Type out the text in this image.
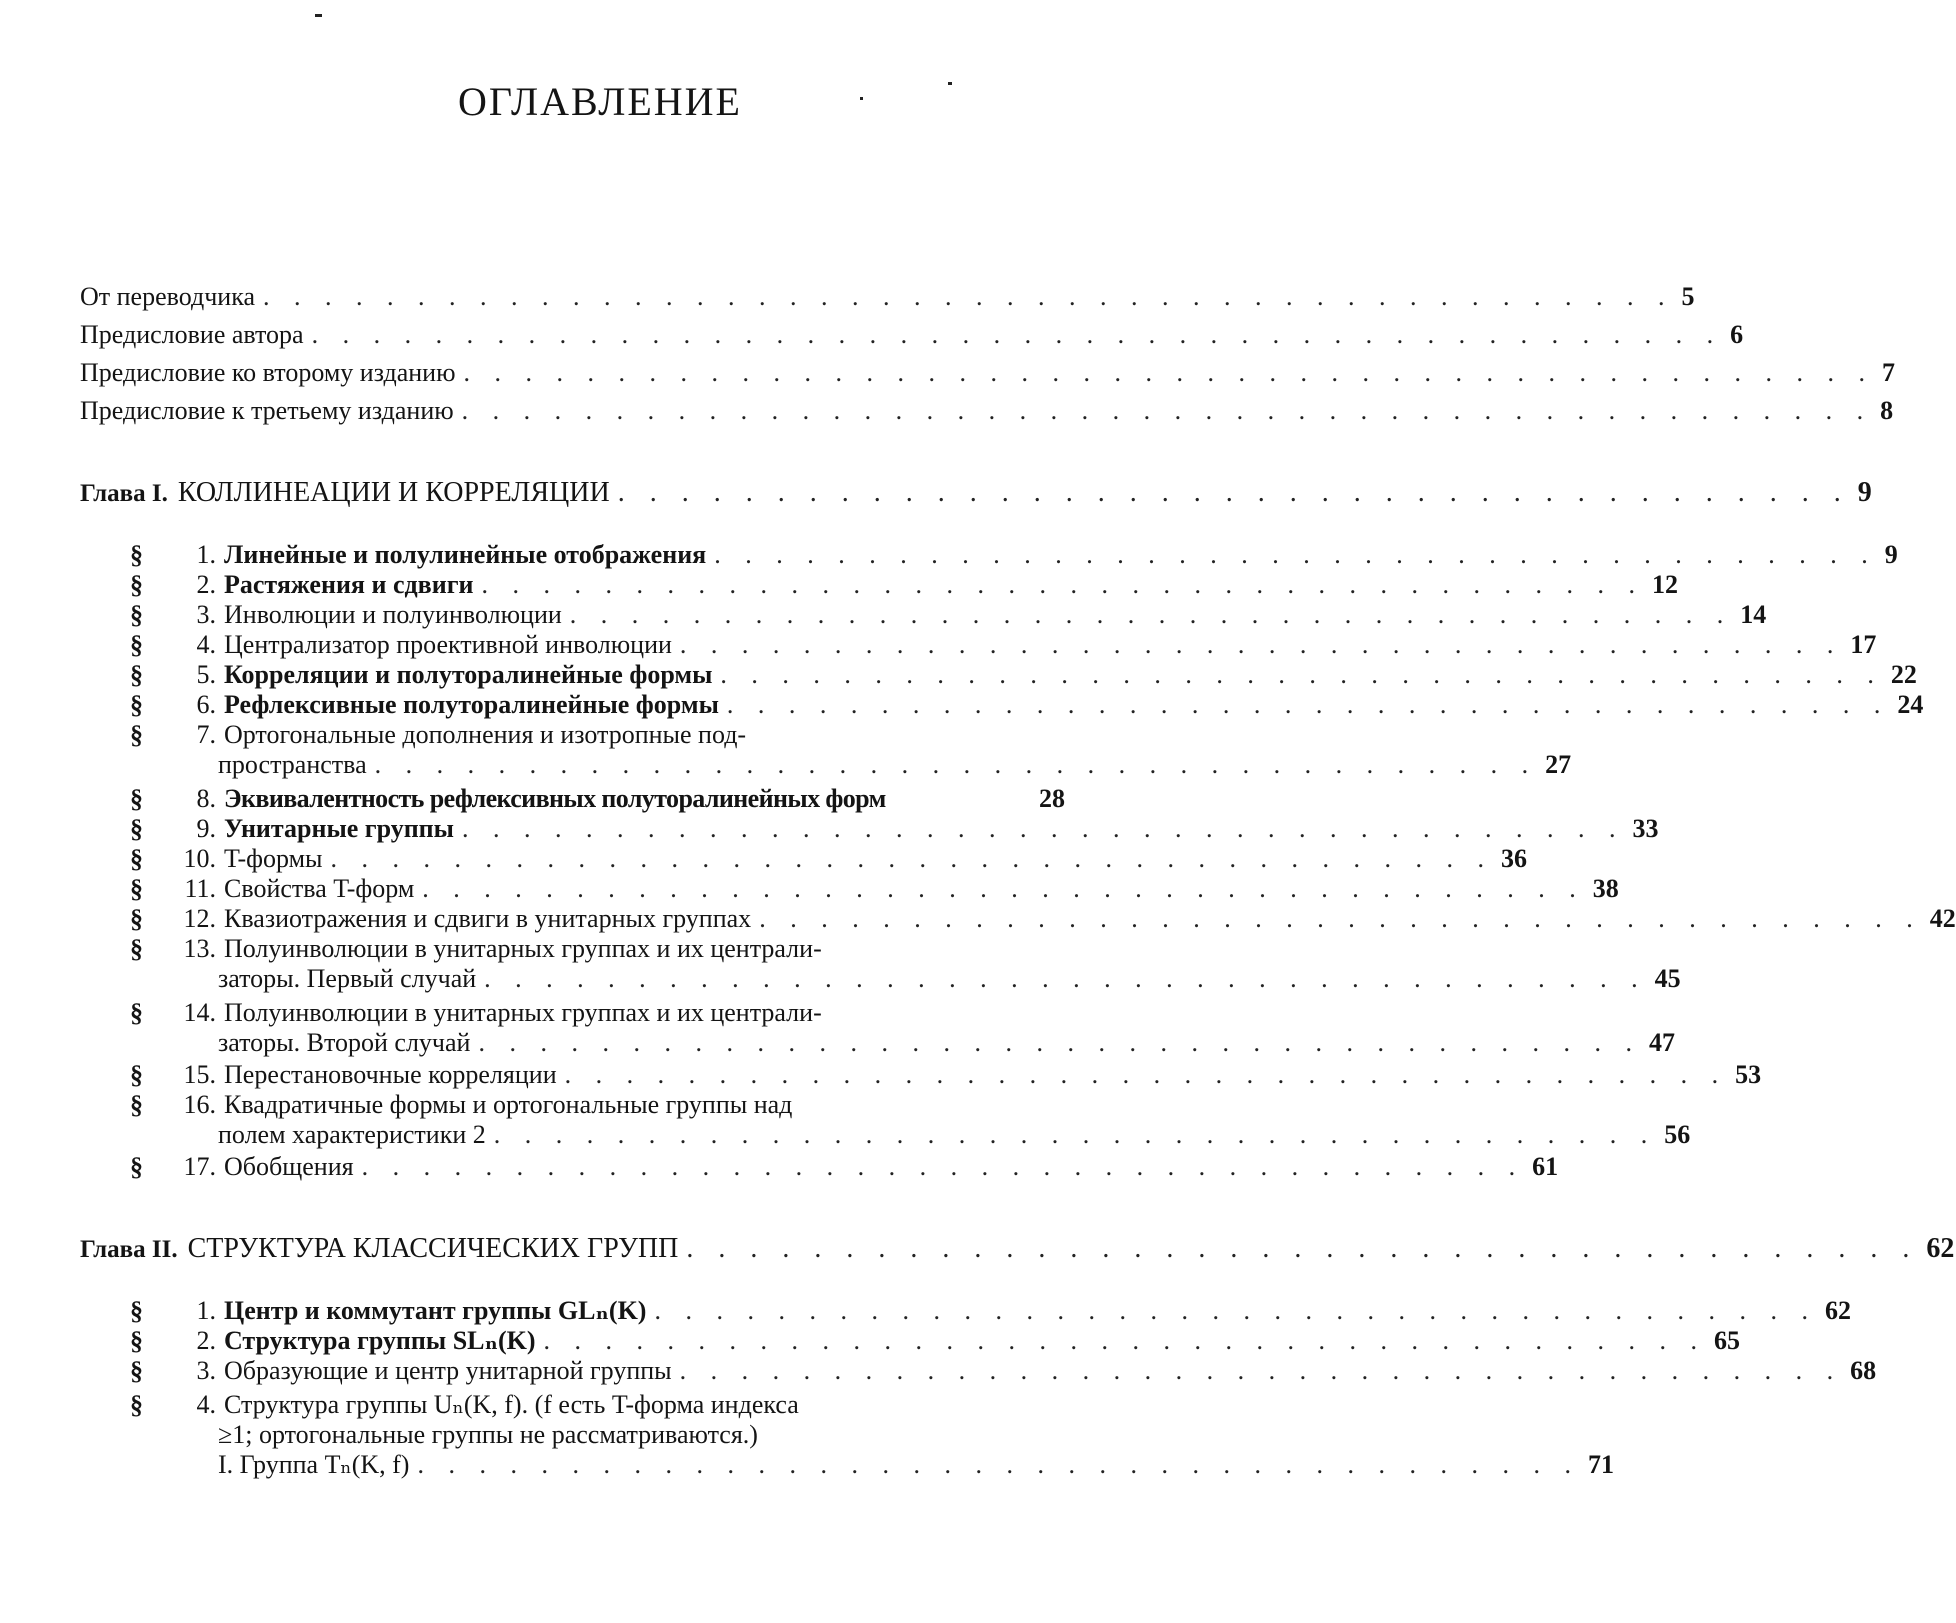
ОГЛАВЛЕНИЕ
От переводчика . . . . . . . . . . . . . . . . . . . . . . . . . . . . . . . . . . . . . . . . . . . . . . 5
Предисловие автора . . . . . . . . . . . . . . . . . . . . . . . . . . . . . . . . . . . . . . . . . . . . . . 6
Предисловие ко второму изданию . . . . . . . . . . . . . . . . . . . . . . . . . . . . . . . . . . . . . . . . . . . . . . 7
Предисловие к третьему изданию . . . . . . . . . . . . . . . . . . . . . . . . . . . . . . . . . . . . . . . . . . . . . . 8
Глава I. КОЛЛИНЕАЦИИ И КОРРЕЛЯЦИИ . . . . . . . . . . . . . . . . . . . . . . . . . . . . . . . . . . . . . . . 9
§ 1. Линейные и полулинейные отображения . . . . . . . . . . . . . . . . . . . . . . . . . . . . . . . . . . . . . . 9
§ 2. Растяжения и сдвиги . . . . . . . . . . . . . . . . . . . . . . . . . . . . . . . . . . . . . . 12
§ 3. Инволюции и полуинволюции . . . . . . . . . . . . . . . . . . . . . . . . . . . . . . . . . . . . . . 14
§ 4. Централизатор проективной инволюции . . . . . . . . . . . . . . . . . . . . . . . . . . . . . . . . . . . . . . 17
§ 5. Корреляции и полуторалинейные формы . . . . . . . . . . . . . . . . . . . . . . . . . . . . . . . . . . . . . . 22
§ 6. Рефлексивные полуторалинейные формы . . . . . . . . . . . . . . . . . . . . . . . . . . . . . . . . . . . . . . 24
§ 7. Ортогональные дополнения и изотропные под-
пространства . . . . . . . . . . . . . . . . . . . . . . . . . . . . . . . . . . . . . . 27
§ 8. Эквивалентность рефлексивных полуторалинейных форм	28
§ 9. Унитарные группы . . . . . . . . . . . . . . . . . . . . . . . . . . . . . . . . . . . . . . 33
§ 10. T-формы . . . . . . . . . . . . . . . . . . . . . . . . . . . . . . . . . . . . . . 36
§ 11. Свойства T-форм . . . . . . . . . . . . . . . . . . . . . . . . . . . . . . . . . . . . . . 38
§ 12. Квазиотражения и сдвиги в унитарных группах . . . . . . . . . . . . . . . . . . . . . . . . . . . . . . . . . . . . . . 42
§ 13. Полуинволюции в унитарных группах и их централи-
заторы. Первый случай . . . . . . . . . . . . . . . . . . . . . . . . . . . . . . . . . . . . . . 45
§ 14. Полуинволюции в унитарных группах и их централи-
заторы. Второй случай . . . . . . . . . . . . . . . . . . . . . . . . . . . . . . . . . . . . . . 47
§ 15. Перестановочные корреляции . . . . . . . . . . . . . . . . . . . . . . . . . . . . . . . . . . . . . . 53
§ 16. Квадратичные формы и ортогональные группы над
полем характеристики 2 . . . . . . . . . . . . . . . . . . . . . . . . . . . . . . . . . . . . . . 56
§ 17. Обобщения . . . . . . . . . . . . . . . . . . . . . . . . . . . . . . . . . . . . . . 61
Глава II. СТРУКТУРА КЛАССИЧЕСКИХ ГРУПП . . . . . . . . . . . . . . . . . . . . . . . . . . . . . . . . . . . . . . . 62
§ 1. Центр и коммутант группы GLₙ(K) . . . . . . . . . . . . . . . . . . . . . . . . . . . . . . . . . . . . . . 62
§ 2. Структура группы SLₙ(K) . . . . . . . . . . . . . . . . . . . . . . . . . . . . . . . . . . . . . . 65
§ 3. Образующие и центр унитарной группы . . . . . . . . . . . . . . . . . . . . . . . . . . . . . . . . . . . . . . 68
§ 4. Структура группы Uₙ(K, f). (f есть T-форма индекса
≥1; ортогональные группы не рассматриваются.)
I. Группа Tₙ(K, f) . . . . . . . . . . . . . . . . . . . . . . . . . . . . . . . . . . . . . . 71
